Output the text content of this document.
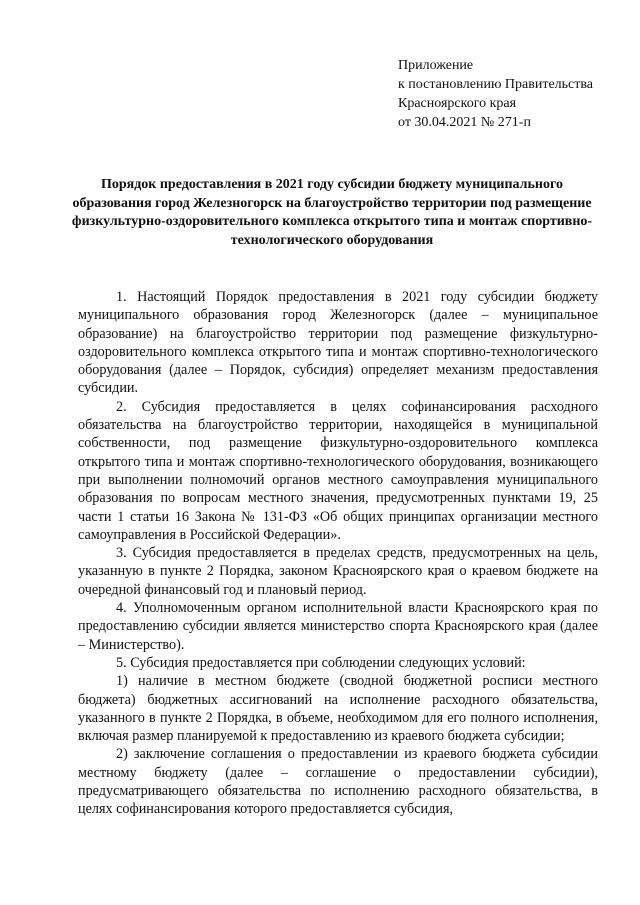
Приложение
к постановлению Правительства
Красноярского края
от 30.04.2021 № 271-п
Порядок предоставления в 2021 году субсидии бюджету муниципального образования город Железногорск на благоустройство территории под размещение физкультурно-оздоровительного комплекса открытого типа и монтаж спортивно-технологического оборудования

1. Настоящий Порядок предоставления в 2021 году субсидии бюджету муниципального образования город Железногорск (далее – муниципальное образование) на благоустройство территории под размещение физкультурно-оздоровительного комплекса открытого типа и монтаж спортивно-технологического оборудования (далее – Порядок, субсидия) определяет механизм предоставления субсидии.

2. Субсидия предоставляется в целях софинансирования расходного обязательства на благоустройство территории, находящейся в муниципальной собственности, под размещение физкультурно-оздоровительного комплекса открытого типа и монтаж спортивно-технологического оборудования, возникающего при выполнении полномочий органов местного самоуправления муниципального образования по вопросам местного значения, предусмотренных пунктами 19, 25 части 1 статьи 16 Закона № 131-ФЗ «Об общих принципах организации местного самоуправления в Российской Федерации».

3. Субсидия предоставляется в пределах средств, предусмотренных на цель, указанную в пункте 2 Порядка, законом Красноярского края о краевом бюджете на очередной финансовый год и плановый период.

4. Уполномоченным органом исполнительной власти Красноярского края по предоставлению субсидии является министерство спорта Красноярского края (далее – Министерство).

5. Субсидия предоставляется при соблюдении следующих условий:

1) наличие в местном бюджете (сводной бюджетной росписи местного бюджета) бюджетных ассигнований на исполнение расходного обязательства, указанного в пункте 2 Порядка, в объеме, необходимом для его полного исполнения, включая размер планируемой к предоставлению из краевого бюджета субсидии;

2) заключение соглашения о предоставлении из краевого бюджета субсидии местному бюджету (далее – соглашение о предоставлении субсидии), предусматривающего обязательства по исполнению расходного обязательства, в целях софинансирования которого предоставляется субсидия,
